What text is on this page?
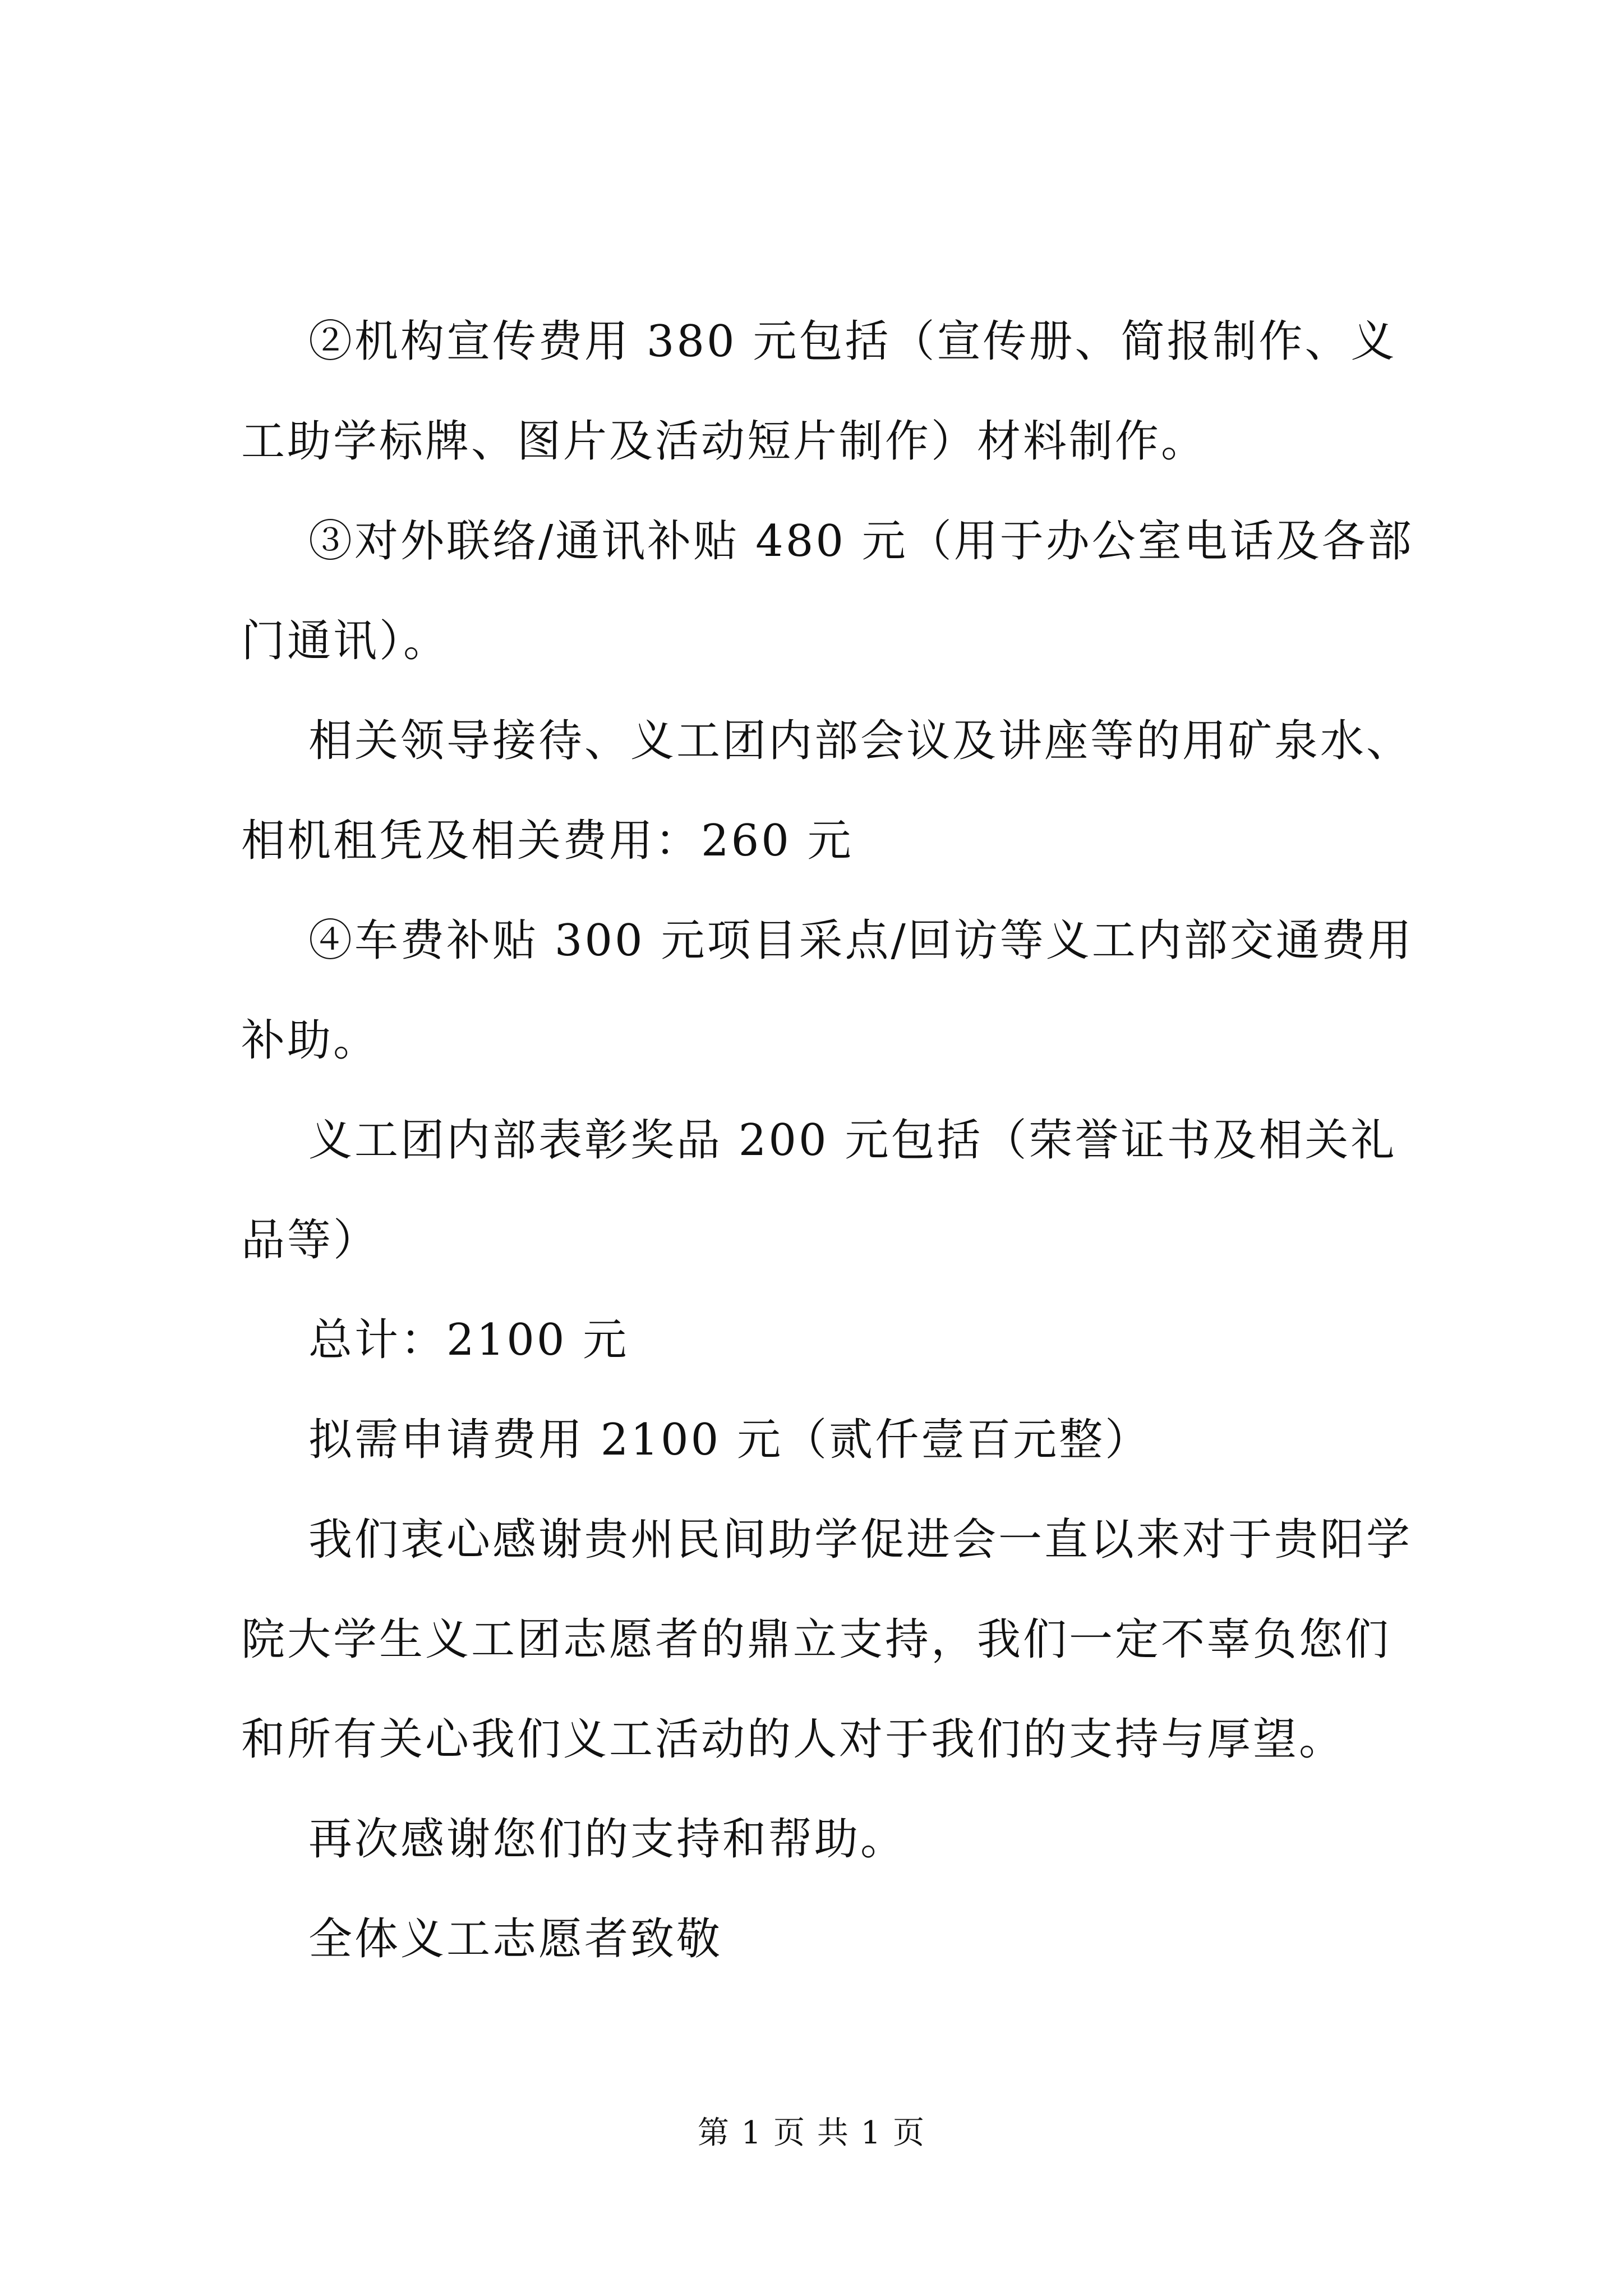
②机构宣传费用 380 元包括（宣传册、简报制作、义工助学标牌、图片及活动短片制作）材料制作。

③对外联络/通讯补贴 480 元（用于办公室电话及各部门通讯）。

相关领导接待、义工团内部会议及讲座等的用矿泉水、相机租凭及相关费用：260 元

④车费补贴 300 元项目采点/回访等义工内部交通费用补助。

义工团内部表彰奖品 200 元包括（荣誉证书及相关礼品等）

总计：2100 元

拟需申请费用 2100 元（贰仟壹百元整）

我们衷心感谢贵州民间助学促进会一直以来对于贵阳学院大学生义工团志愿者的鼎立支持，我们一定不辜负您们和所有关心我们义工活动的人对于我们的支持与厚望。

再次感谢您们的支持和帮助。

全体义工志愿者致敬

第 1 页 共 1 页
